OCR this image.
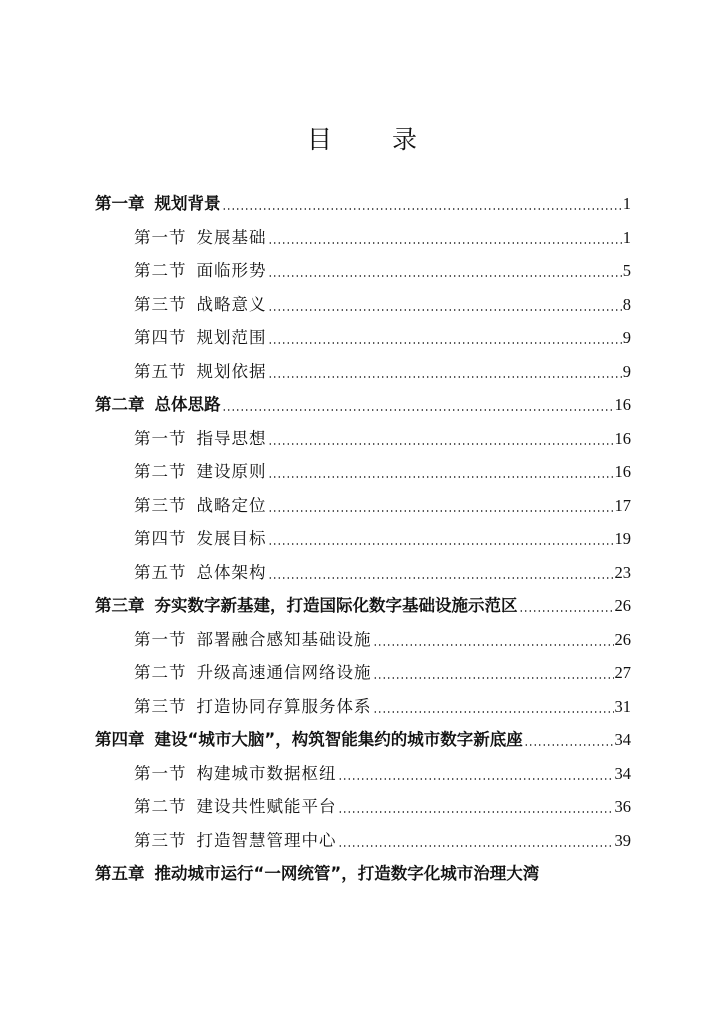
目 录
第一章 规划背景	1
第一节 发展基础	1
第二节 面临形势	5
第三节 战略意义	8
第四节 规划范围	9
第五节 规划依据	9
第二章 总体思路	16
第一节 指导思想	16
第二节 建设原则	16
第三节 战略定位	17
第四节 发展目标	19
第五节 总体架构	23
第三章 夯实数字新基建，打造国际化数字基础设施示范区	26
第一节 部署融合感知基础设施	26
第二节 升级高速通信网络设施	27
第三节 打造协同存算服务体系	31
第四章 建设“城市大脑”，构筑智能集约的城市数字新底座	34
第一节 构建城市数据枢纽	34
第二节 建设共性赋能平台	36
第三节 打造智慧管理中心	39
第五章 推动城市运行“一网统管”，打造数字化城市治理大湾
